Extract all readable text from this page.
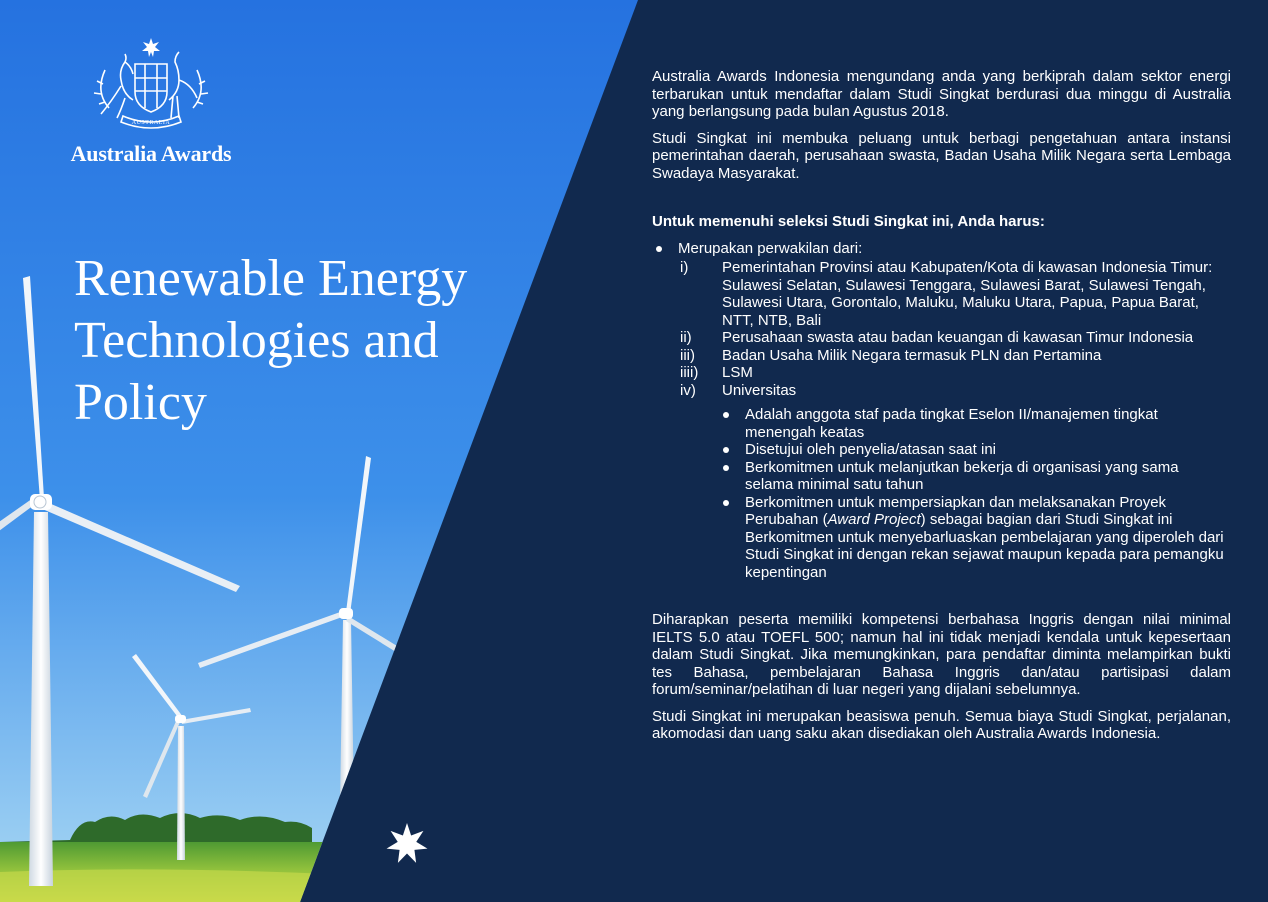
AUSTRALIA
Australia Awards
Renewable Energy
Technologies and
Policy

Australia Awards Indonesia mengundang anda yang berkiprah dalam sektor energi terbarukan untuk mendaftar dalam Studi Singkat berdurasi dua minggu di Australia yang berlangsung pada bulan Agustus 2018.

Studi Singkat ini membuka peluang untuk berbagi pengetahuan antara instansi pemerintahan daerah, perusahaan swasta, Badan Usaha Milik Negara serta Lembaga Swadaya Masyarakat.

Untuk memenuhi seleksi Studi Singkat ini, Anda harus:

Merupakan perwakilan dari:
i) Pemerintahan Provinsi atau Kabupaten/Kota di kawasan Indonesia Timur: Sulawesi Selatan, Sulawesi Tenggara, Sulawesi Barat, Sulawesi Tengah, Sulawesi Utara, Gorontalo, Maluku, Maluku Utara, Papua, Papua Barat, NTT, NTB, Bali
ii) Perusahaan swasta atau badan keuangan di kawasan Timur Indonesia
iii) Badan Usaha Milik Negara termasuk PLN dan Pertamina
iiii) LSM
iv) Universitas
Adalah anggota staf pada tingkat Eselon II/manajemen tingkat menengah keatas
Disetujui oleh penyelia/atasan saat ini
Berkomitmen untuk melanjutkan bekerja di organisasi yang sama selama minimal satu tahun
Berkomitmen untuk mempersiapkan dan melaksanakan Proyek Perubahan (Award Project) sebagai bagian dari Studi Singkat ini Berkomitmen untuk menyebarluaskan pembelajaran yang diperoleh dari Studi Singkat ini dengan rekan sejawat maupun kepada para pemangku kepentingan

Diharapkan peserta memiliki kompetensi berbahasa Inggris dengan nilai minimal IELTS 5.0 atau TOEFL 500; namun hal ini tidak menjadi kendala untuk kepesertaan dalam Studi Singkat. Jika memungkinkan, para pendaftar diminta melampirkan bukti tes Bahasa, pembelajaran Bahasa Inggris dan/atau partisipasi dalam forum/seminar/pelatihan di luar negeri yang dijalani sebelumnya.

Studi Singkat ini merupakan beasiswa penuh. Semua biaya Studi Singkat, perjalanan, akomodasi dan uang saku akan disediakan oleh Australia Awards Indonesia.
